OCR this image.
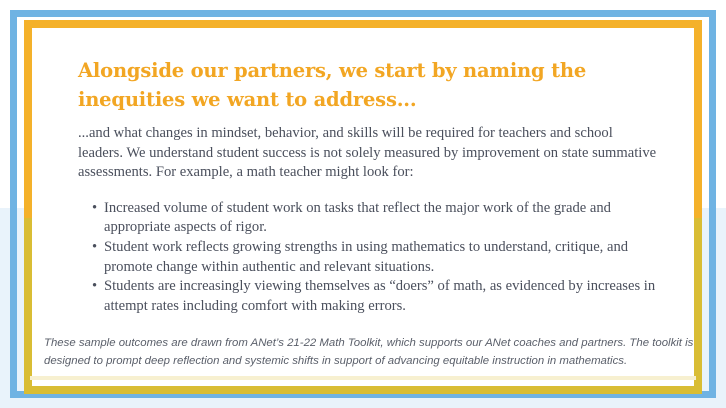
Alongside our partners, we start by naming the inequities we want to address...

...and what changes in mindset, behavior, and skills will be required for teachers and school leaders. We understand student success is not solely measured by improvement on state summative assessments. For example, a math teacher might look for:

• Increased volume of student work on tasks that reflect the major work of the grade and appropriate aspects of rigor.
• Student work reflects growing strengths in using mathematics to understand, critique, and promote change within authentic and relevant situations.
• Students are increasingly viewing themselves as “doers” of math, as evidenced by increases in attempt rates including comfort with making errors.

These sample outcomes are drawn from ANet’s 21-22 Math Toolkit, which supports our ANet coaches and partners. The toolkit is designed to prompt deep reflection and systemic shifts in support of advancing equitable instruction in mathematics.
